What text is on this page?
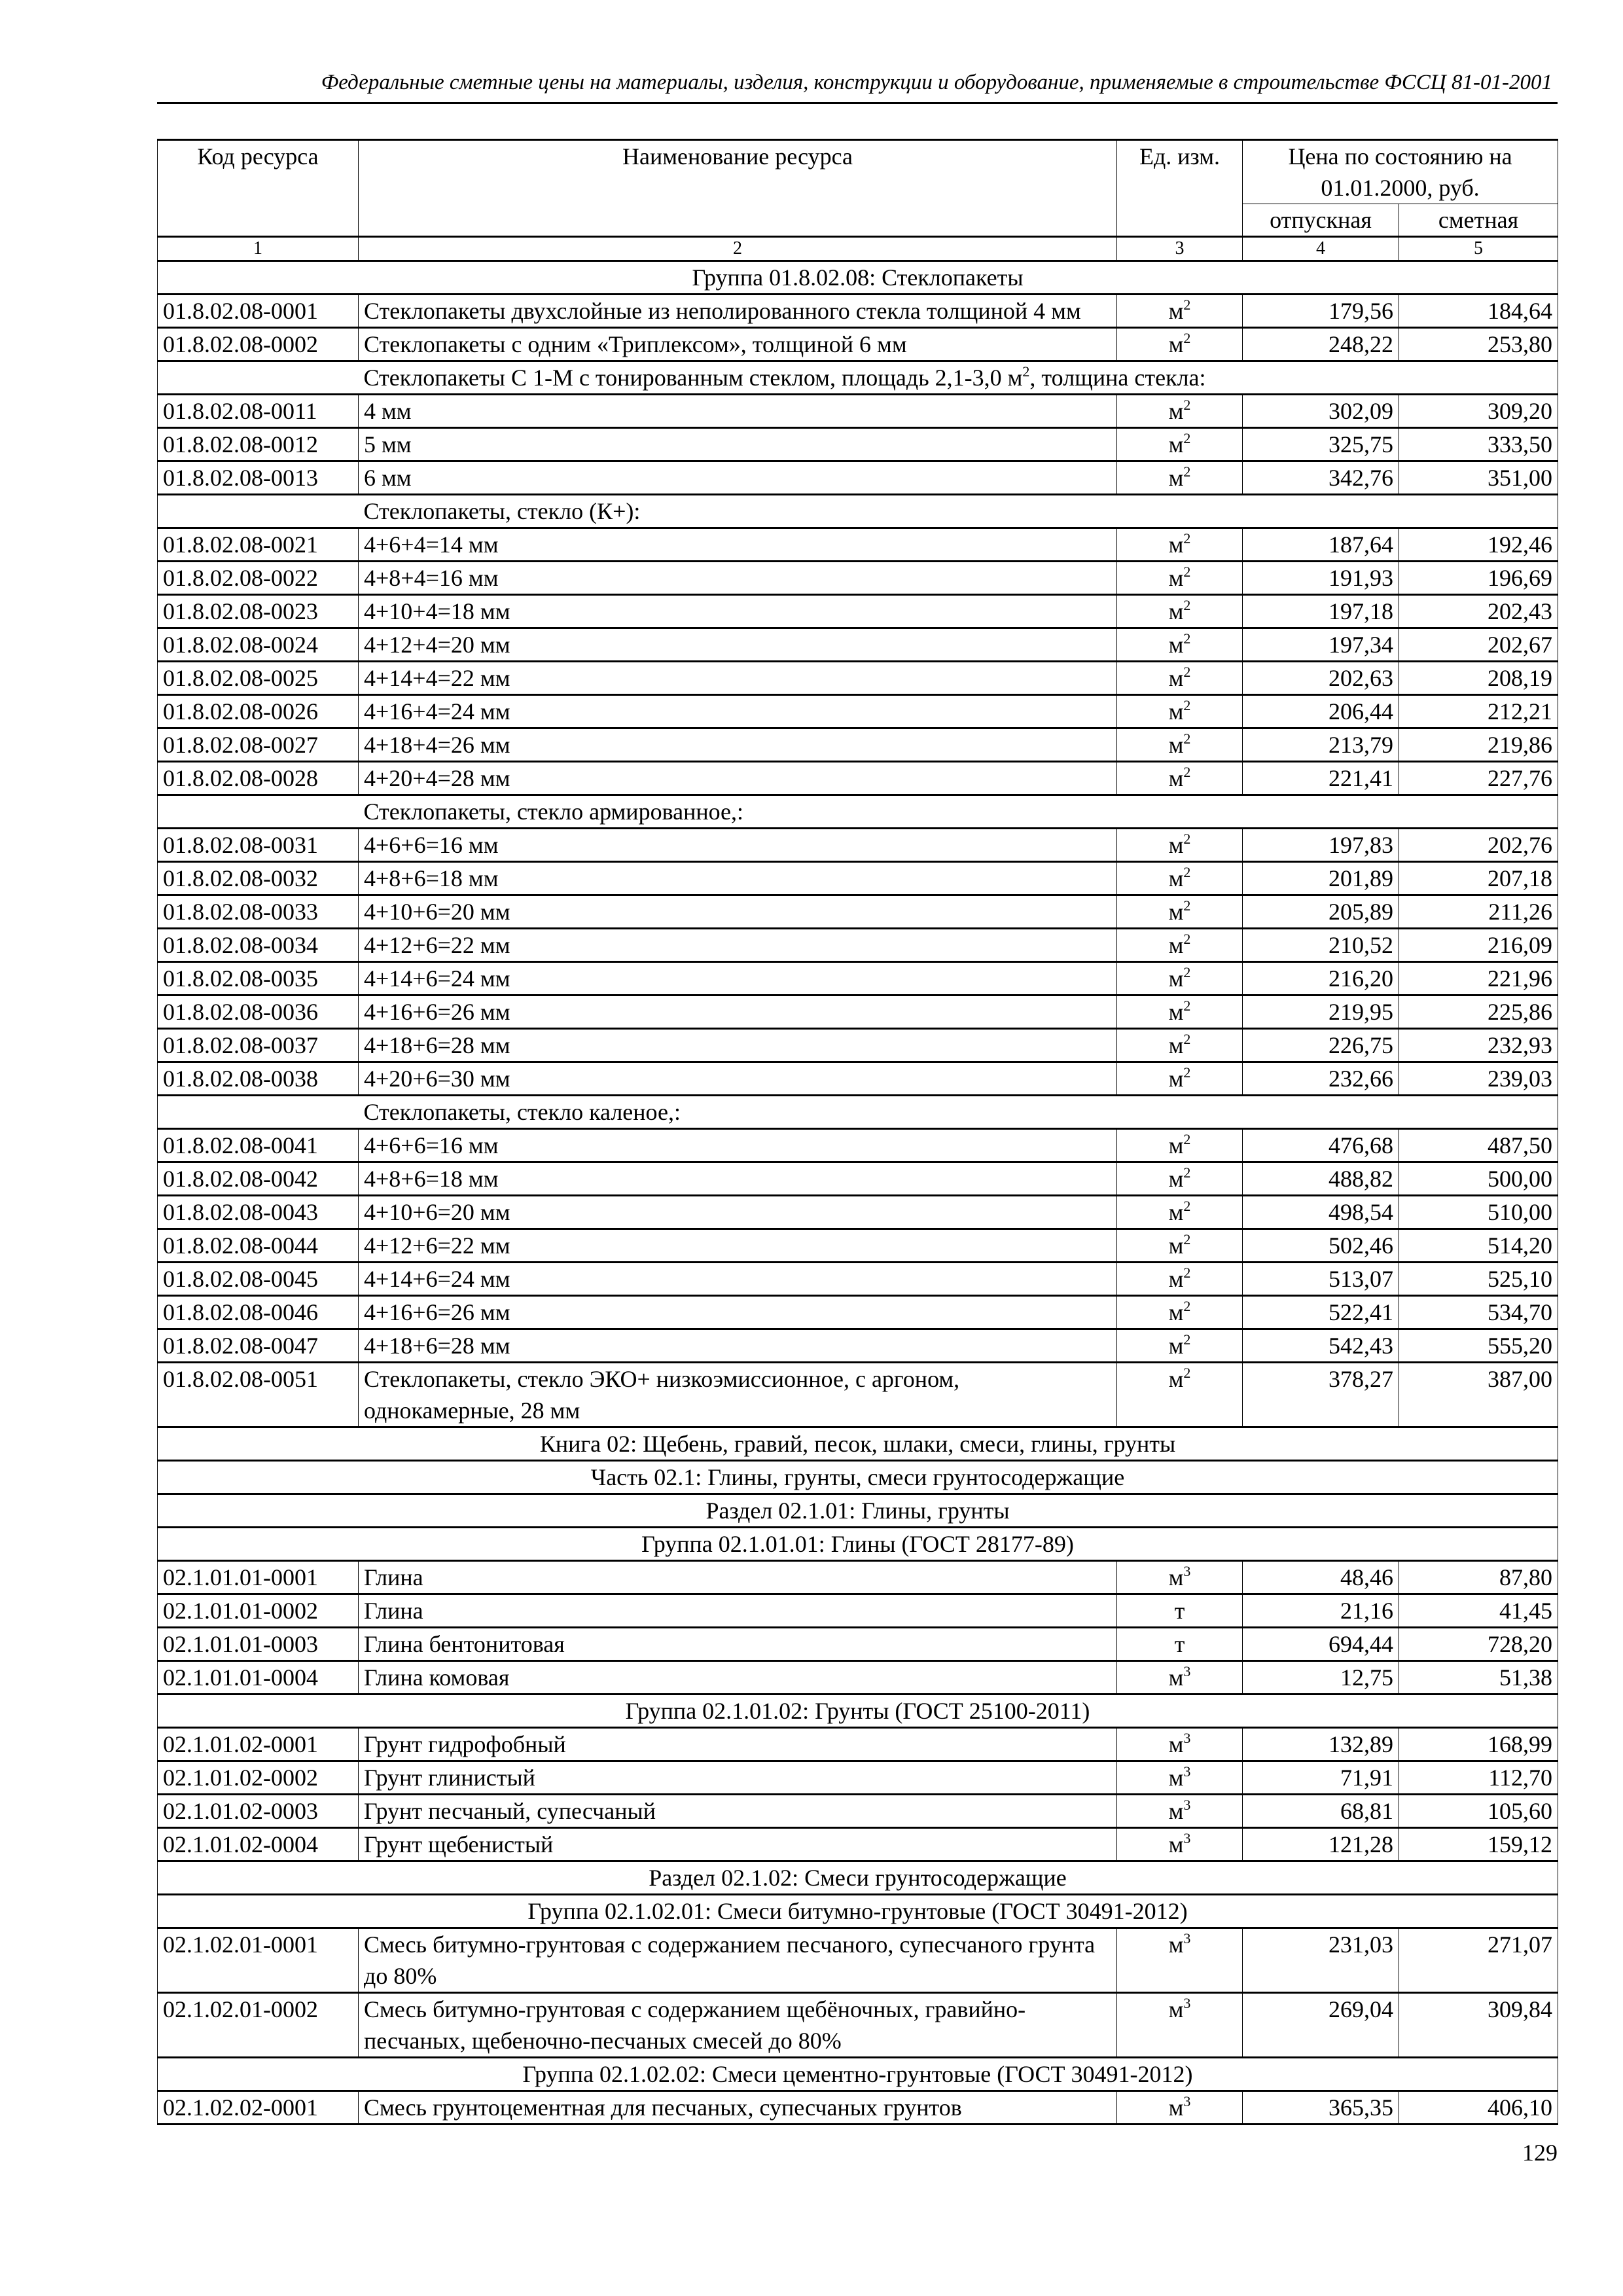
Федеральные сметные цены на материалы, изделия, конструкции и оборудование, применяемые в строительстве ФССЦ 81-01-2001
Код ресурса	Наименование ресурса	Ед. изм.	Цена по состоянию на
01.01.2000, руб.	
			отпускная	сметная
1	2	3	4	5
Группа 01.8.02.08: Стеклопакеты				
01.8.02.08-0001	Стеклопакеты двухслойные из неполированного стекла толщиной 4 мм	$м^2$	179,56	184,64
01.8.02.08-0002	Стеклопакеты с одним «Триплексом», толщиной 6 мм	$м^2$	248,22	253,80
	Стеклопакеты С 1-М с тонированным стеклом, площадь 2,1-3,0 $м^2$, толщина стекла:			
01.8.02.08-0011	4 мм	$м^2$	302,09	309,20
01.8.02.08-0012	5 мм	$м^2$	325,75	333,50
01.8.02.08-0013	6 мм	$м^2$	342,76	351,00
	Стеклопакеты, стекло (К+):			
01.8.02.08-0021	4+6+4=14 мм	$м^2$	187,64	192,46
01.8.02.08-0022	4+8+4=16 мм	$м^2$	191,93	196,69
01.8.02.08-0023	4+10+4=18 мм	$м^2$	197,18	202,43
01.8.02.08-0024	4+12+4=20 мм	$м^2$	197,34	202,67
01.8.02.08-0025	4+14+4=22 мм	$м^2$	202,63	208,19
01.8.02.08-0026	4+16+4=24 мм	$м^2$	206,44	212,21
01.8.02.08-0027	4+18+4=26 мм	$м^2$	213,79	219,86
01.8.02.08-0028	4+20+4=28 мм	$м^2$	221,41	227,76
	Стеклопакеты, стекло армированное,:			
01.8.02.08-0031	4+6+6=16 мм	$м^2$	197,83	202,76
01.8.02.08-0032	4+8+6=18 мм	$м^2$	201,89	207,18
01.8.02.08-0033	4+10+6=20 мм	$м^2$	205,89	211,26
01.8.02.08-0034	4+12+6=22 мм	$м^2$	210,52	216,09
01.8.02.08-0035	4+14+6=24 мм	$м^2$	216,20	221,96
01.8.02.08-0036	4+16+6=26 мм	$м^2$	219,95	225,86
01.8.02.08-0037	4+18+6=28 мм	$м^2$	226,75	232,93
01.8.02.08-0038	4+20+6=30 мм	$м^2$	232,66	239,03
	Стеклопакеты, стекло каленое,:			
01.8.02.08-0041	4+6+6=16 мм	$м^2$	476,68	487,50
01.8.02.08-0042	4+8+6=18 мм	$м^2$	488,82	500,00
01.8.02.08-0043	4+10+6=20 мм	$м^2$	498,54	510,00
01.8.02.08-0044	4+12+6=22 мм	$м^2$	502,46	514,20
01.8.02.08-0045	4+14+6=24 мм	$м^2$	513,07	525,10
01.8.02.08-0046	4+16+6=26 мм	$м^2$	522,41	534,70
01.8.02.08-0047	4+18+6=28 мм	$м^2$	542,43	555,20
01.8.02.08-0051	Стеклопакеты, стекло ЭКО+ низкоэмиссионное, с аргоном, однокамерные, 28 мм	$м^2$	378,27	387,00
Книга 02: Щебень, гравий, песок, шлаки, смеси, глины, грунты				
Часть 02.1: Глины, грунты, смеси грунтосодержащие				
Раздел 02.1.01: Глины, грунты				
Группа 02.1.01.01: Глины (ГОСТ 28177-89)				
02.1.01.01-0001	Глина	$м^3$	48,46	87,80
02.1.01.01-0002	Глина	т	21,16	41,45
02.1.01.01-0003	Глина бентонитовая	т	694,44	728,20
02.1.01.01-0004	Глина комовая	$м^3$	12,75	51,38
Группа 02.1.01.02: Грунты (ГОСТ 25100-2011)				
02.1.01.02-0001	Грунт гидрофобный	$м^3$	132,89	168,99
02.1.01.02-0002	Грунт глинистый	$м^3$	71,91	112,70
02.1.01.02-0003	Грунт песчаный, супесчаный	$м^3$	68,81	105,60
02.1.01.02-0004	Грунт щебенистый	$м^3$	121,28	159,12
Раздел 02.1.02: Смеси грунтосодержащие				
Группа 02.1.02.01: Смеси битумно-грунтовые (ГОСТ 30491-2012)				
02.1.02.01-0001	Смесь битумно-грунтовая с содержанием песчаного, супесчаного грунта до 80%	$м^3$	231,03	271,07
02.1.02.01-0002	Смесь битумно-грунтовая с содержанием щебёночных, гравийно- песчаных, щебеночно-песчаных смесей до 80%	$м^3$	269,04	309,84
Группа 02.1.02.02: Смеси цементно-грунтовые (ГОСТ 30491-2012)				
02.1.02.02-0001	Смесь грунтоцементная для песчаных, супесчаных грунтов	$м^3$	365,35	406,10
129
